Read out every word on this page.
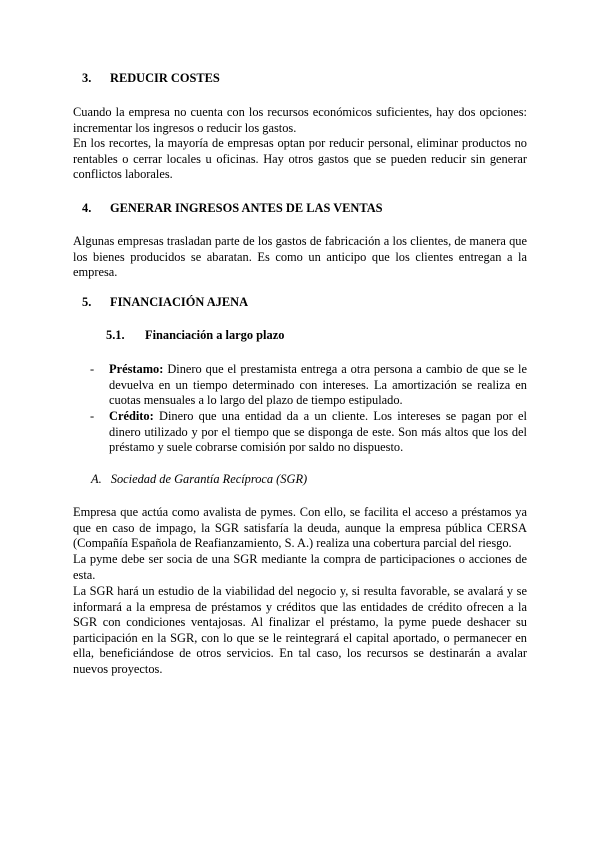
3. REDUCIR COSTES

Cuando la empresa no cuenta con los recursos económicos suficientes, hay dos opciones: incrementar los ingresos o reducir los gastos.

En los recortes, la mayoría de empresas optan por reducir personal, eliminar productos no rentables o cerrar locales u oficinas. Hay otros gastos que se pueden reducir sin generar conflictos laborales.

4. GENERAR INGRESOS ANTES DE LAS VENTAS

Algunas empresas trasladan parte de los gastos de fabricación a los clientes, de manera que los bienes producidos se abaratan. Es como un anticipo que los clientes entregan a la empresa.

5. FINANCIACIÓN AJENA
5.1. Financiación a largo plazo
- Préstamo: Dinero que el prestamista entrega a otra persona a cambio de que se le devuelva en un tiempo determinado con intereses. La amortización se realiza en cuotas mensuales a lo largo del plazo de tiempo estipulado.

- Crédito: Dinero que una entidad da a un cliente. Los intereses se pagan por el dinero utilizado y por el tiempo que se disponga de este. Son más altos que los del préstamo y suele cobrarse comisión por saldo no dispuesto.

A. Sociedad de Garantía Recíproca (SGR)

Empresa que actúa como avalista de pymes. Con ello, se facilita el acceso a préstamos ya que en caso de impago, la SGR satisfaría la deuda, aunque la empresa pública CERSA (Compañía Española de Reafianzamiento, S. A.) realiza una cobertura parcial del riesgo.

La pyme debe ser socia de una SGR mediante la compra de participaciones o acciones de esta.

La SGR hará un estudio de la viabilidad del negocio y, si resulta favorable, se avalará y se informará a la empresa de préstamos y créditos que las entidades de crédito ofrecen a la SGR con condiciones ventajosas. Al finalizar el préstamo, la pyme puede deshacer su participación en la SGR, con lo que se le reintegrará el capital aportado, o permanecer en ella, beneficiándose de otros servicios. En tal caso, los recursos se destinarán a avalar nuevos proyectos.
